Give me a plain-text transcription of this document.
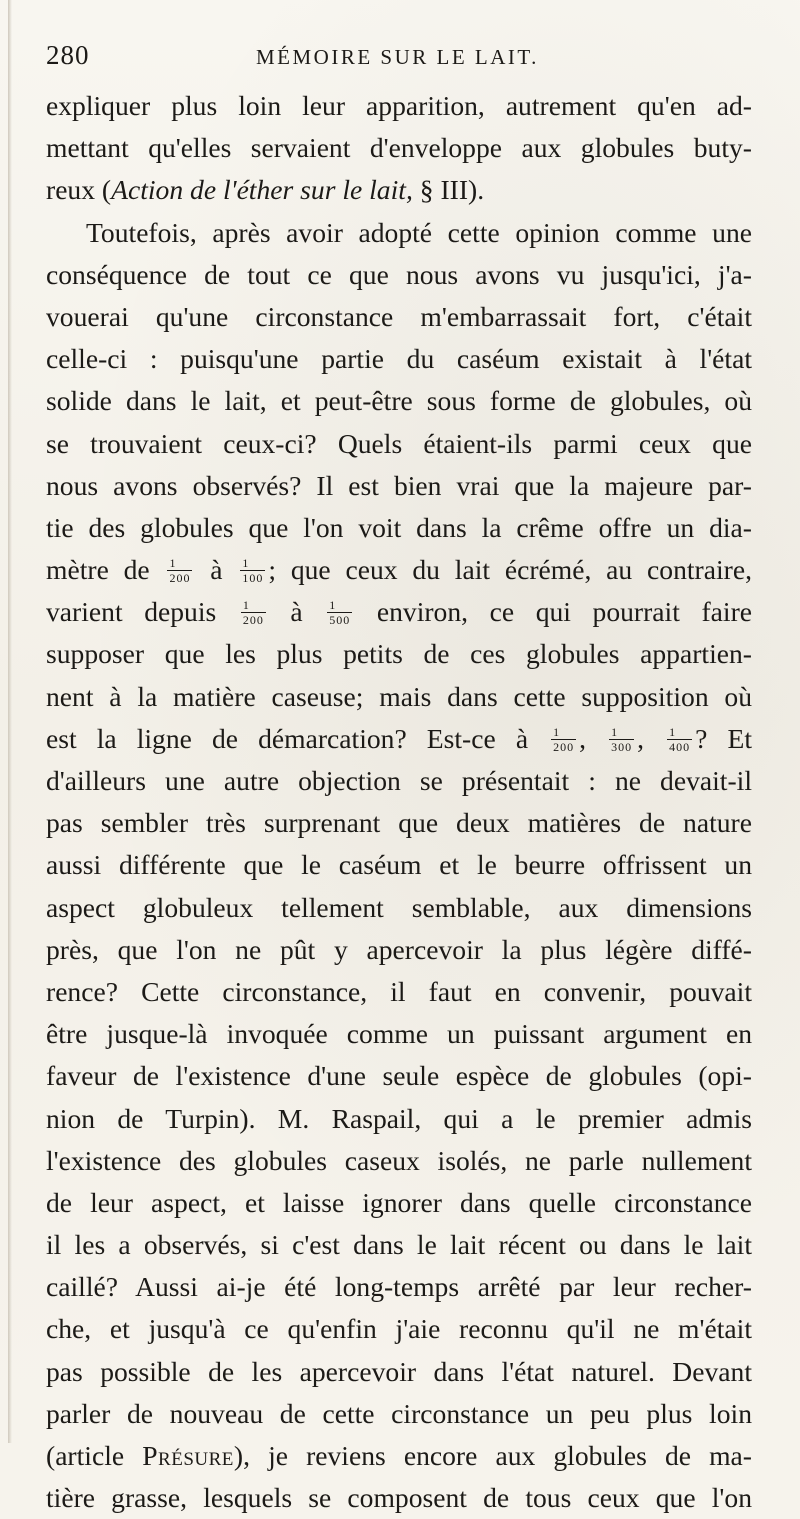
280	MÉMOIRE SUR LE LAIT.
expliquer plus loin leur apparition, autrement qu'en ad-
mettant qu'elles servaient d'enveloppe aux globules buty-
reux (Action de l'éther sur le lait, § III).
Toutefois, après avoir adopté cette opinion comme une
conséquence de tout ce que nous avons vu jusqu'ici, j'a-
vouerai qu'une circonstance m'embarrassait fort, c'était
celle-ci : puisqu'une partie du caséum existait à l'état
solide dans le lait, et peut-être sous forme de globules, où
se trouvaient ceux-ci? Quels étaient-ils parmi ceux que
nous avons observés? Il est bien vrai que la majeure par-
tie des globules que l'on voit dans la crême offre un dia-
mètre de $\frac{1}{200}$ à $\frac{1}{100}$ ; que ceux du lait écrémé, au contraire,
varient depuis $\frac{1}{200}$ à $\frac{1}{500}$ environ, ce qui pourrait faire
supposer que les plus petits de ces globules appartien-
nent à la matière caseuse; mais dans cette supposition où
est la ligne de démarcation? Est-ce à $\frac{1}{200}$ , $\frac{1}{300}$ , $\frac{1}{400}$ ? Et
d'ailleurs une autre objection se présentait : ne devait-il
pas sembler très surprenant que deux matières de nature
aussi différente que le caséum et le beurre offrissent un
aspect globuleux tellement semblable, aux dimensions
près, que l'on ne pût y apercevoir la plus légère diffé-
rence? Cette circonstance, il faut en convenir, pouvait
être jusque-là invoquée comme un puissant argument en
faveur de l'existence d'une seule espèce de globules (opi-
nion de Turpin). M. Raspail, qui a le premier admis
l'existence des globules caseux isolés, ne parle nullement
de leur aspect, et laisse ignorer dans quelle circonstance
il les a observés, si c'est dans le lait récent ou dans le lait
caillé? Aussi ai-je été long-temps arrêté par leur recher-
che, et jusqu'à ce qu'enfin j'aie reconnu qu'il ne m'était
pas possible de les apercevoir dans l'état naturel. Devant
parler de nouveau de cette circonstance un peu plus loin
(article Présure), je reviens encore aux globules de ma-
tière grasse, lesquels se composent de tous ceux que l'on
